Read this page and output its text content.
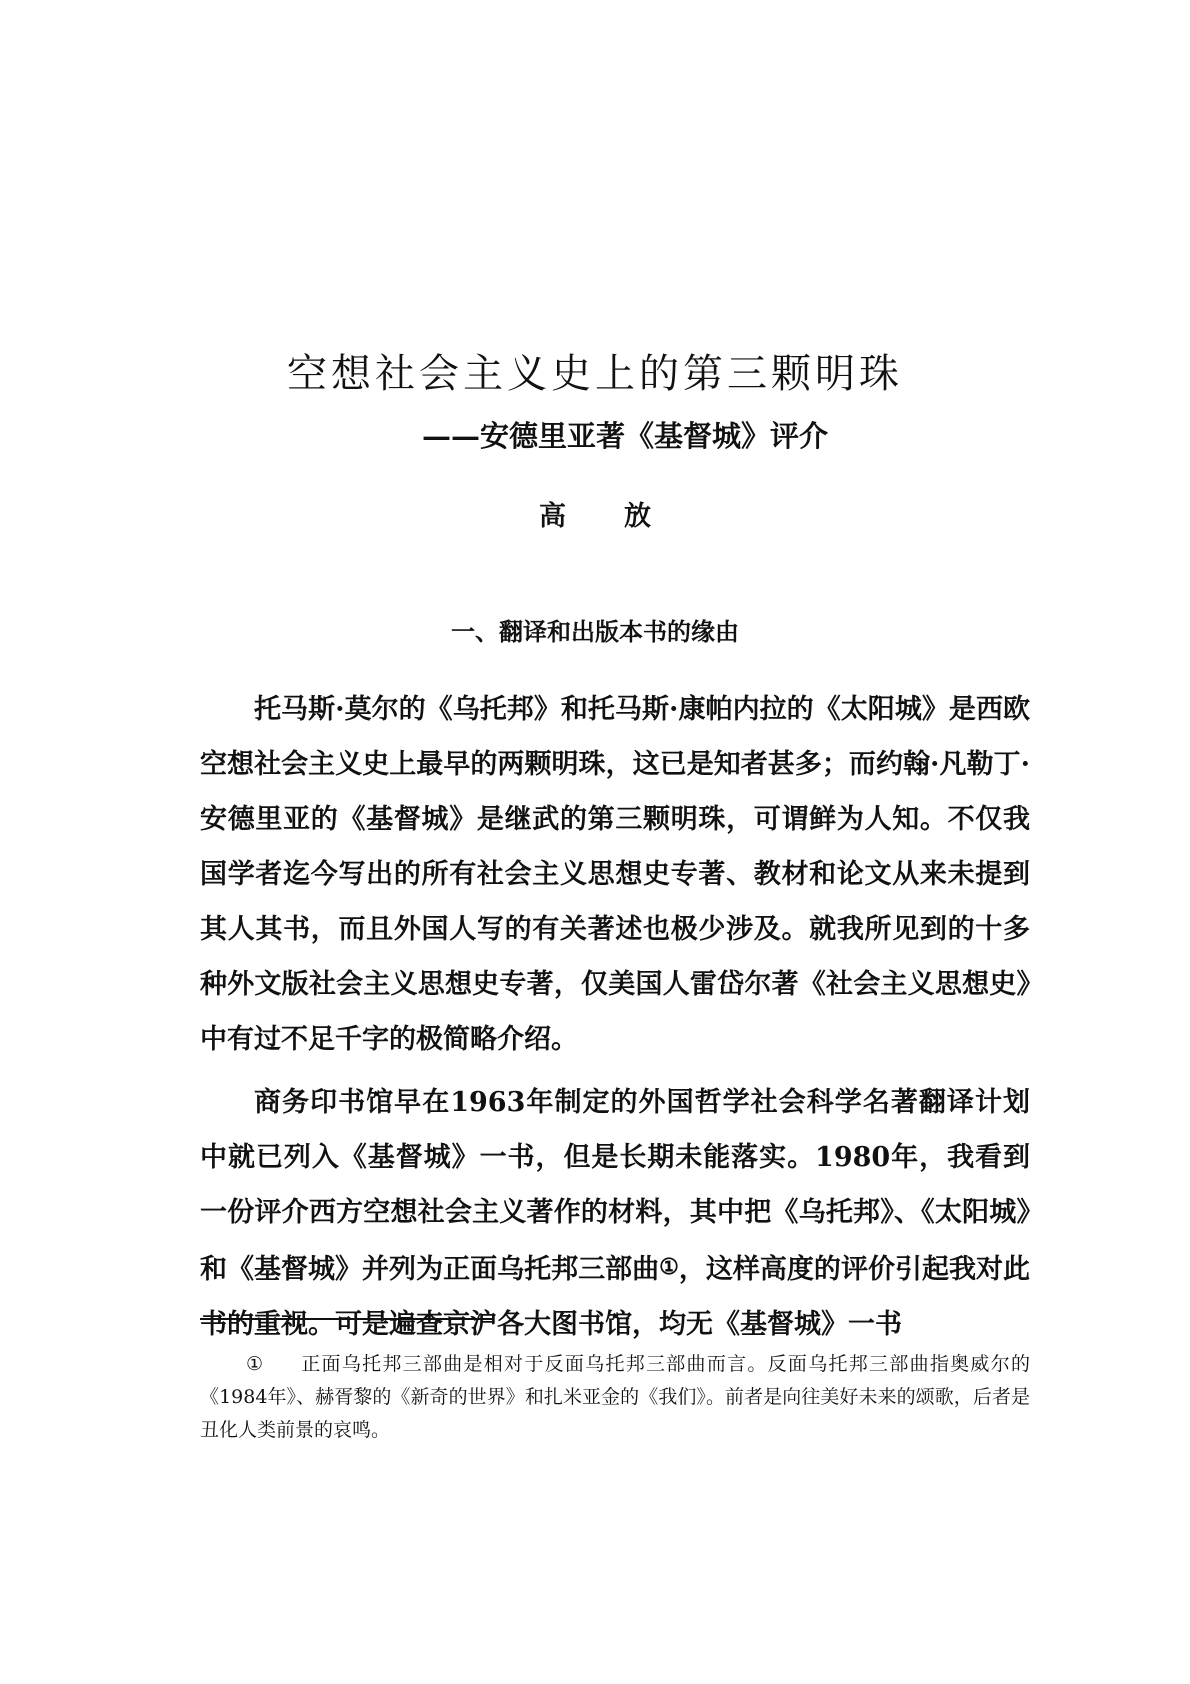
空想社会主义史上的第三颗明珠
——安德里亚著《基督城》评介
高放
一、翻译和出版本书的缘由

托马斯·莫尔的《乌托邦》和托马斯·康帕内拉的《太阳城》是西欧空想社会主义史上最早的两颗明珠，这已是知者甚多；而约翰·凡勒丁·安德里亚的《基督城》是继武的第三颗明珠，可谓鲜为人知。不仅我国学者迄今写出的所有社会主义思想史专著、教材和论文从来未提到其人其书，而且外国人写的有关著述也极少涉及。就我所见到的十多种外文版社会主义思想史专著，仅美国人雷岱尔著《社会主义思想史》中有过不足千字的极简略介绍。

商务印书馆早在1963年制定的外国哲学社会科学名著翻译计划中就已列入《基督城》一书，但是长期未能落实。1980年，我看到一份评介西方空想社会主义著作的材料，其中把《乌托邦》、《太阳城》和《基督城》并列为正面乌托邦三部曲①，这样高度的评价引起我对此书的重视。可是遍查京沪各大图书馆，均无《基督城》一书

① 正面乌托邦三部曲是相对于反面乌托邦三部曲而言。反面乌托邦三部曲指奥威尔的《1984年》、赫胥黎的《新奇的世界》和扎米亚金的《我们》。前者是向往美好未来的颂歌，后者是丑化人类前景的哀鸣。
